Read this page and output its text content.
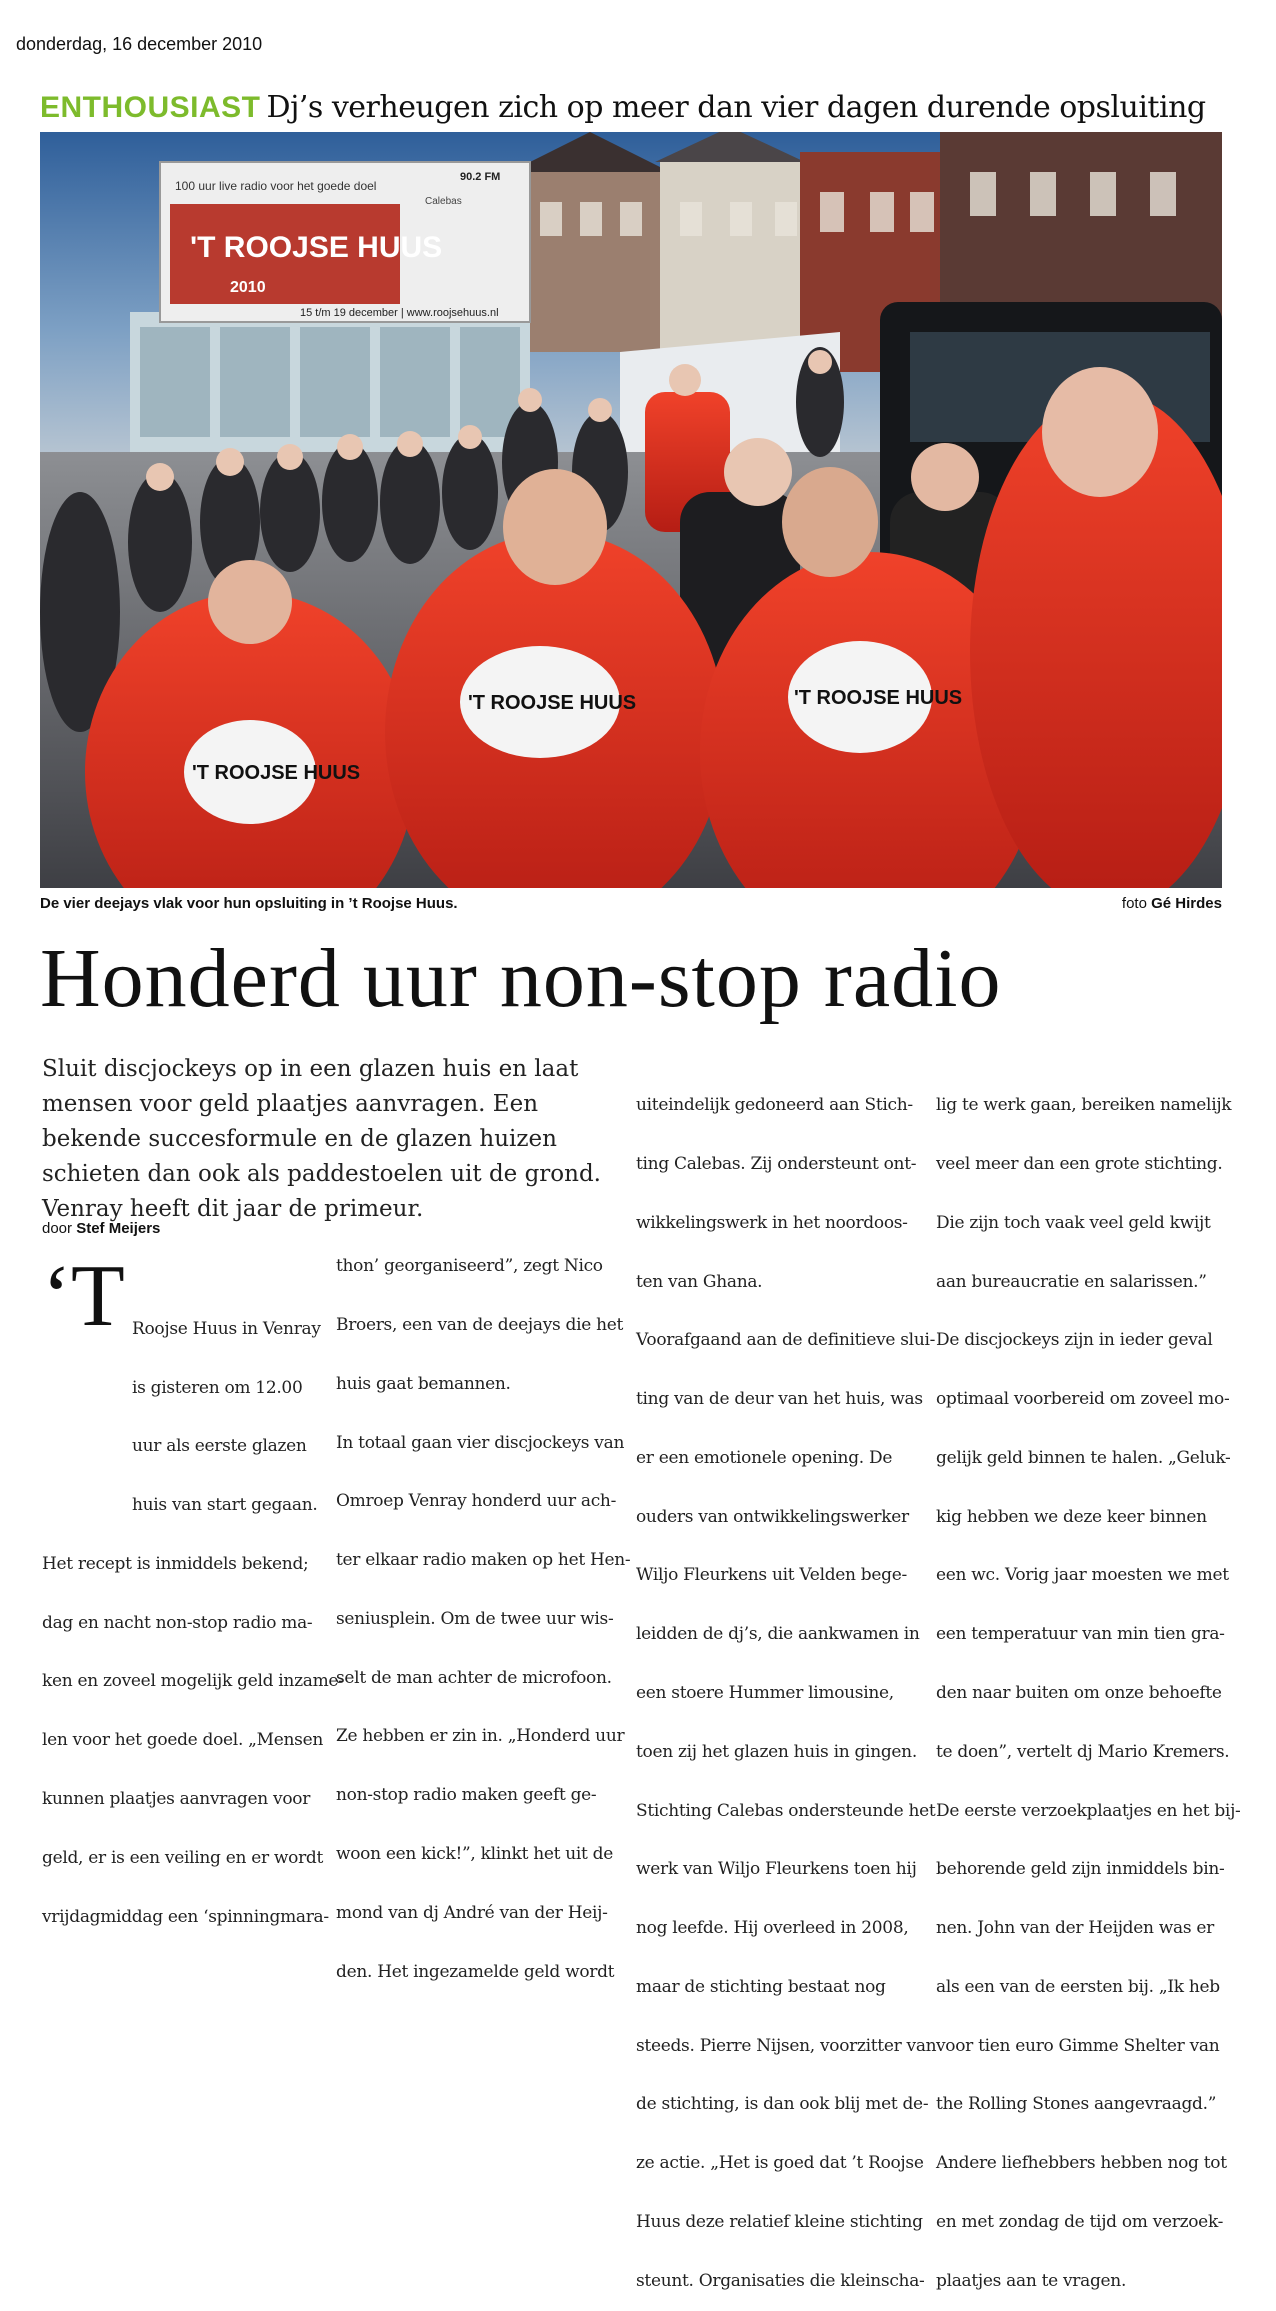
donderdag, 16 december 2010
ENTHOUSIAST Dj’s verheugen zich op meer dan vier dagen durende opsluiting
100 uur live radio voor het goede doel
'T ROOJSE HUUS
2010
15 t/m 19 december | www.roojsehuus.nl
90.2 FM
Calebas
'T ROOJSE HUUS
'T ROOJSE HUUS	'T ROOJSE HUUS
De vier deejays vlak voor hun opsluiting in ’t Roojse Huus.	foto Gé Hirdes
Honderd uur non-stop radio
Sluit discjockeys op in een glazen huis en laat mensen voor geld plaatjes aanvragen. Een bekende succesformule en de glazen huizen schieten dan ook als paddestoelen uit de grond. Venray heeft dit jaar de primeur.
door Stef Meijers

‘T

Roojse Huus in Venray

is gisteren om 12.00

uur als eerste glazen

huis van start gegaan.

Het recept is inmiddels bekend;

dag en nacht non-stop radio ma-

ken en zoveel mogelijk geld inzame-

len voor het goede doel. „Mensen

kunnen plaatjes aanvragen voor

geld, er is een veiling en er wordt

vrijdagmiddag een ‘spinningmara-

thon’ georganiseerd”, zegt Nico

Broers, een van de deejays die het

huis gaat bemannen.

In totaal gaan vier discjockeys van

Omroep Venray honderd uur ach-

ter elkaar radio maken op het Hen-

seniusplein. Om de twee uur wis-

selt de man achter de microfoon.

Ze hebben er zin in. „Honderd uur

non-stop radio maken geeft ge-

woon een kick!”, klinkt het uit de

mond van dj André van der Heij-

den. Het ingezamelde geld wordt

uiteindelijk gedoneerd aan Stich-

ting Calebas. Zij ondersteunt ont-

wikkelingswerk in het noordoos-

ten van Ghana.

Voorafgaand aan de definitieve slui-

ting van de deur van het huis, was

er een emotionele opening. De

ouders van ontwikkelingswerker

Wiljo Fleurkens uit Velden bege-

leidden de dj’s, die aankwamen in

een stoere Hummer limousine,

toen zij het glazen huis in gingen.

Stichting Calebas ondersteunde het

werk van Wiljo Fleurkens toen hij

nog leefde. Hij overleed in 2008,

maar de stichting bestaat nog

steeds. Pierre Nijsen, voorzitter van

de stichting, is dan ook blij met de-

ze actie. „Het is goed dat ’t Roojse

Huus deze relatief kleine stichting

steunt. Organisaties die kleinscha-

lig te werk gaan, bereiken namelijk

veel meer dan een grote stichting.

Die zijn toch vaak veel geld kwijt

aan bureaucratie en salarissen.”

De discjockeys zijn in ieder geval

optimaal voorbereid om zoveel mo-

gelijk geld binnen te halen. „Geluk-

kig hebben we deze keer binnen

een wc. Vorig jaar moesten we met

een temperatuur van min tien gra-

den naar buiten om onze behoefte

te doen”, vertelt dj Mario Kremers.

De eerste verzoekplaatjes en het bij-

behorende geld zijn inmiddels bin-

nen. John van der Heijden was er

als een van de eersten bij. „Ik heb

voor tien euro Gimme Shelter van

the Rolling Stones aangevraagd.”

Andere liefhebbers hebben nog tot

en met zondag de tijd om verzoek-

plaatjes aan te vragen.
